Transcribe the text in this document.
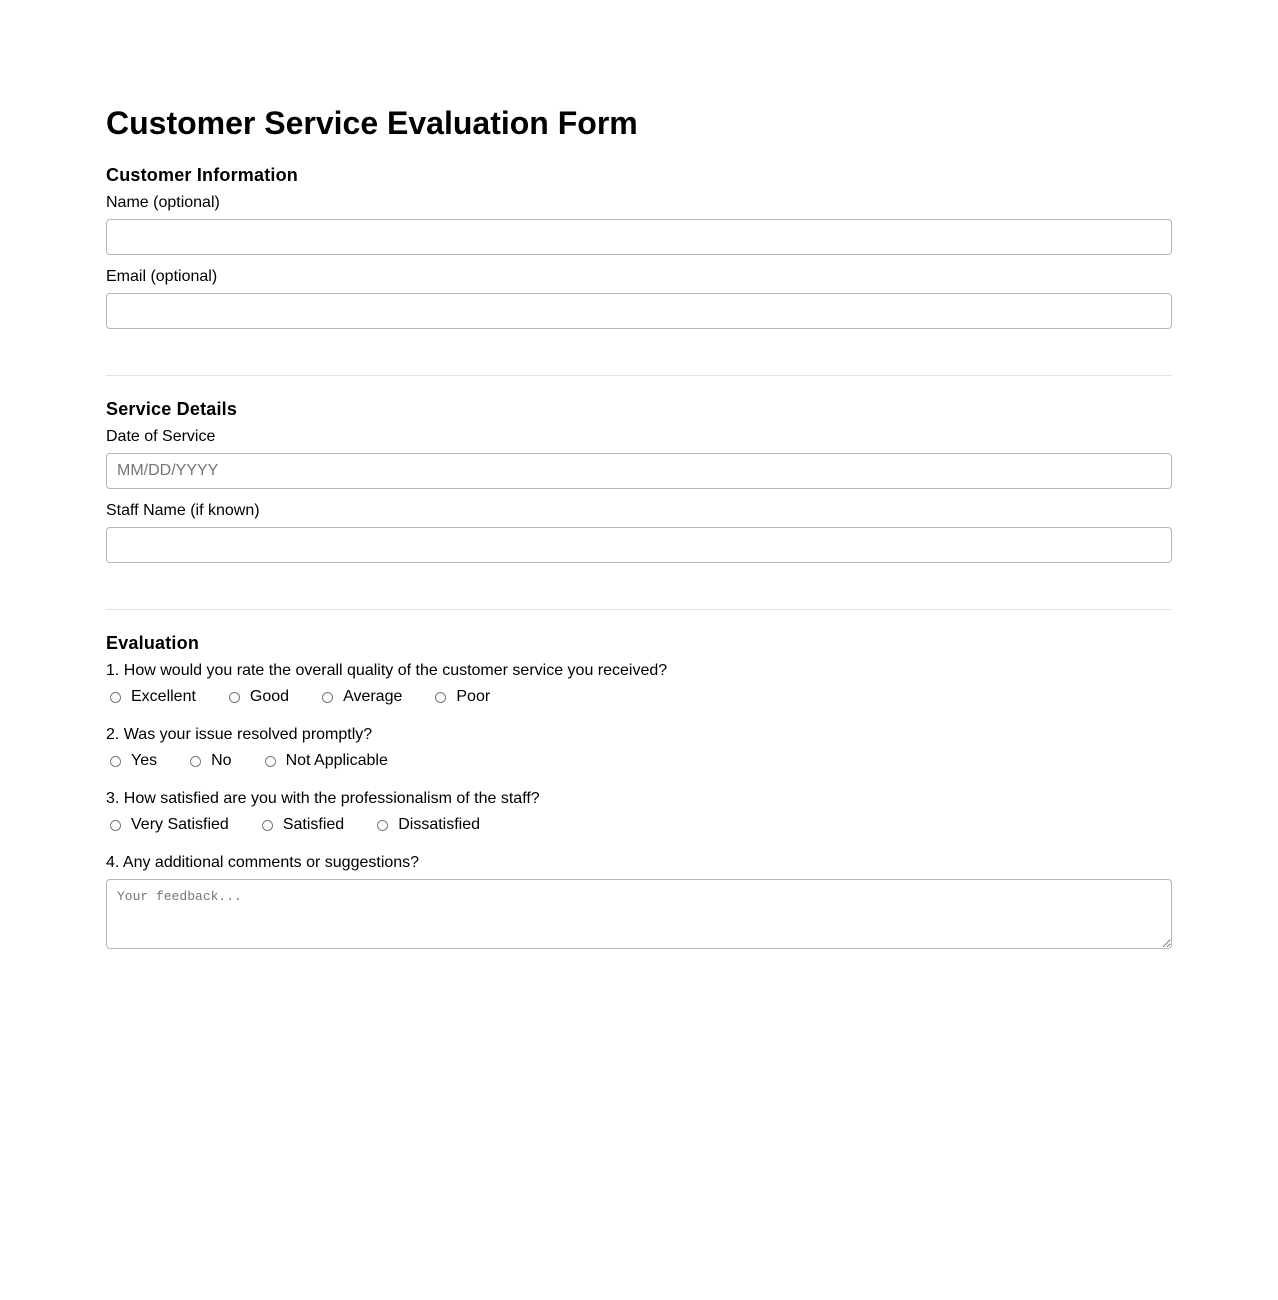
Customer Service Evaluation Form
Customer Information
Name (optional)
Email (optional)
Service Details
Date of Service
MM/DD/YYYY
Staff Name (if known)
Evaluation
1. How would you rate the overall quality of the customer service you received?
Excellent	Good	Average	Poor
2. Was your issue resolved promptly?
Yes	No	Not Applicable
3. How satisfied are you with the professionalism of the staff?
Very Satisfied	Satisfied	Dissatisfied
4. Any additional comments or suggestions?
Your feedback...
